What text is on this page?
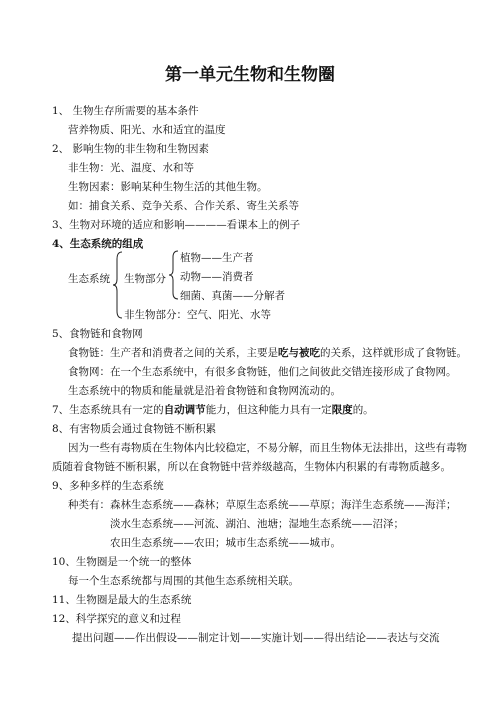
第一单元生物和生物圈
1、 生物生存所需要的基本条件
营养物质、阳光、水和适宜的温度
2、 影响生物的非生物和生物因素
非生物：光、温度、水和等
生物因素：影响某种生物生活的其他生物。
如：捕食关系、竞争关系、合作关系、寄生关系等
3、生物对环境的适应和影响————看课本上的例子
4、生态系统的组成
生态系统 生物部分
植物——生产者
动物——消费者
细菌、真菌——分解者
非生物部分：空气、阳光、水等
5、食物链和食物网
食物链：生产者和消费者之间的关系，主要是吃与被吃的关系，这样就形成了食物链。
食物网：在一个生态系统中，有很多食物链，他们之间彼此交错连接形成了食物网。
生态系统中的物质和能量就是沿着食物链和食物网流动的。
7、生态系统具有一定的自动调节能力，但这种能力具有一定限度的。
8、有害物质会通过食物链不断积累
因为一些有毒物质在生物体内比较稳定，不易分解，而且生物体无法排出，这些有毒物
质随着食物链不断积累，所以在食物链中营养级越高，生物体内积累的有毒物质越多。
9、多种多样的生态系统
种类有：森林生态系统——森林；草原生态系统——草原；海洋生态系统——海洋；
淡水生态系统——河流、湖泊、池塘；湿地生态系统——沼泽；
农田生态系统——农田；城市生态系统——城市。
10、生物圈是一个统一的整体
每一个生态系统都与周围的其他生态系统相关联。
11、生物圈是最大的生态系统
12、科学探究的意义和过程
提出问题——作出假设——制定计划——实施计划——得出结论——表达与交流
